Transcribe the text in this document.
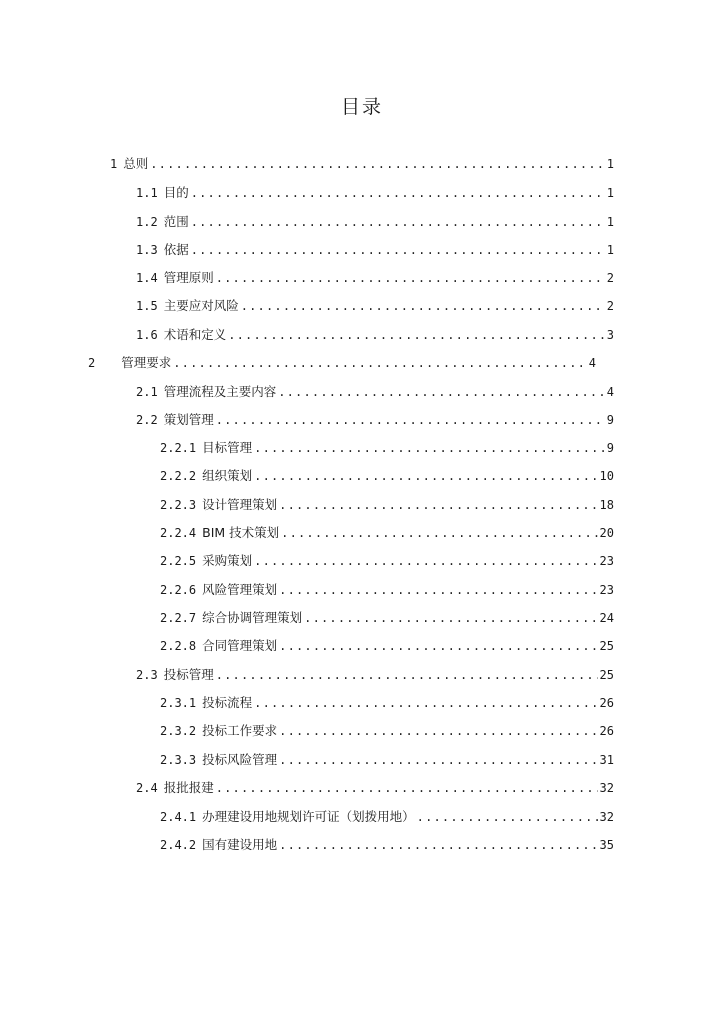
目录
1 总则 .....	1
1.1 目的 .....	1
1.2 范围 .....	1
1.3 依据 .....	1
1.4 管理原则 .....	2
1.5 主要应对风险 .....	2
1.6 术语和定义 .....	3
2 管理要求 .....	4
2.1 管理流程及主要内容 .....	4
2.2 策划管理 .....	9
2.2.1 目标管理 .....	9
2.2.2 组织策划 .....	10
2.2.3 设计管理策划 .....	18
2.2.4 BIM 技术策划 .....	20
2.2.5 采购策划 .....	23
2.2.6 风险管理策划 .....	23
2.2.7 综合协调管理策划 .....	24
2.2.8 合同管理策划 .....	25
2.3 投标管理 .....	25
2.3.1 投标流程 .....	26
2.3.2 投标工作要求 .....	26
2.3.3 投标风险管理 .....	31
2.4 报批报建 .....	32
2.4.1 办理建设用地规划许可证（划拨用地） .....	32
2.4.2 国有建设用地 .....	35
